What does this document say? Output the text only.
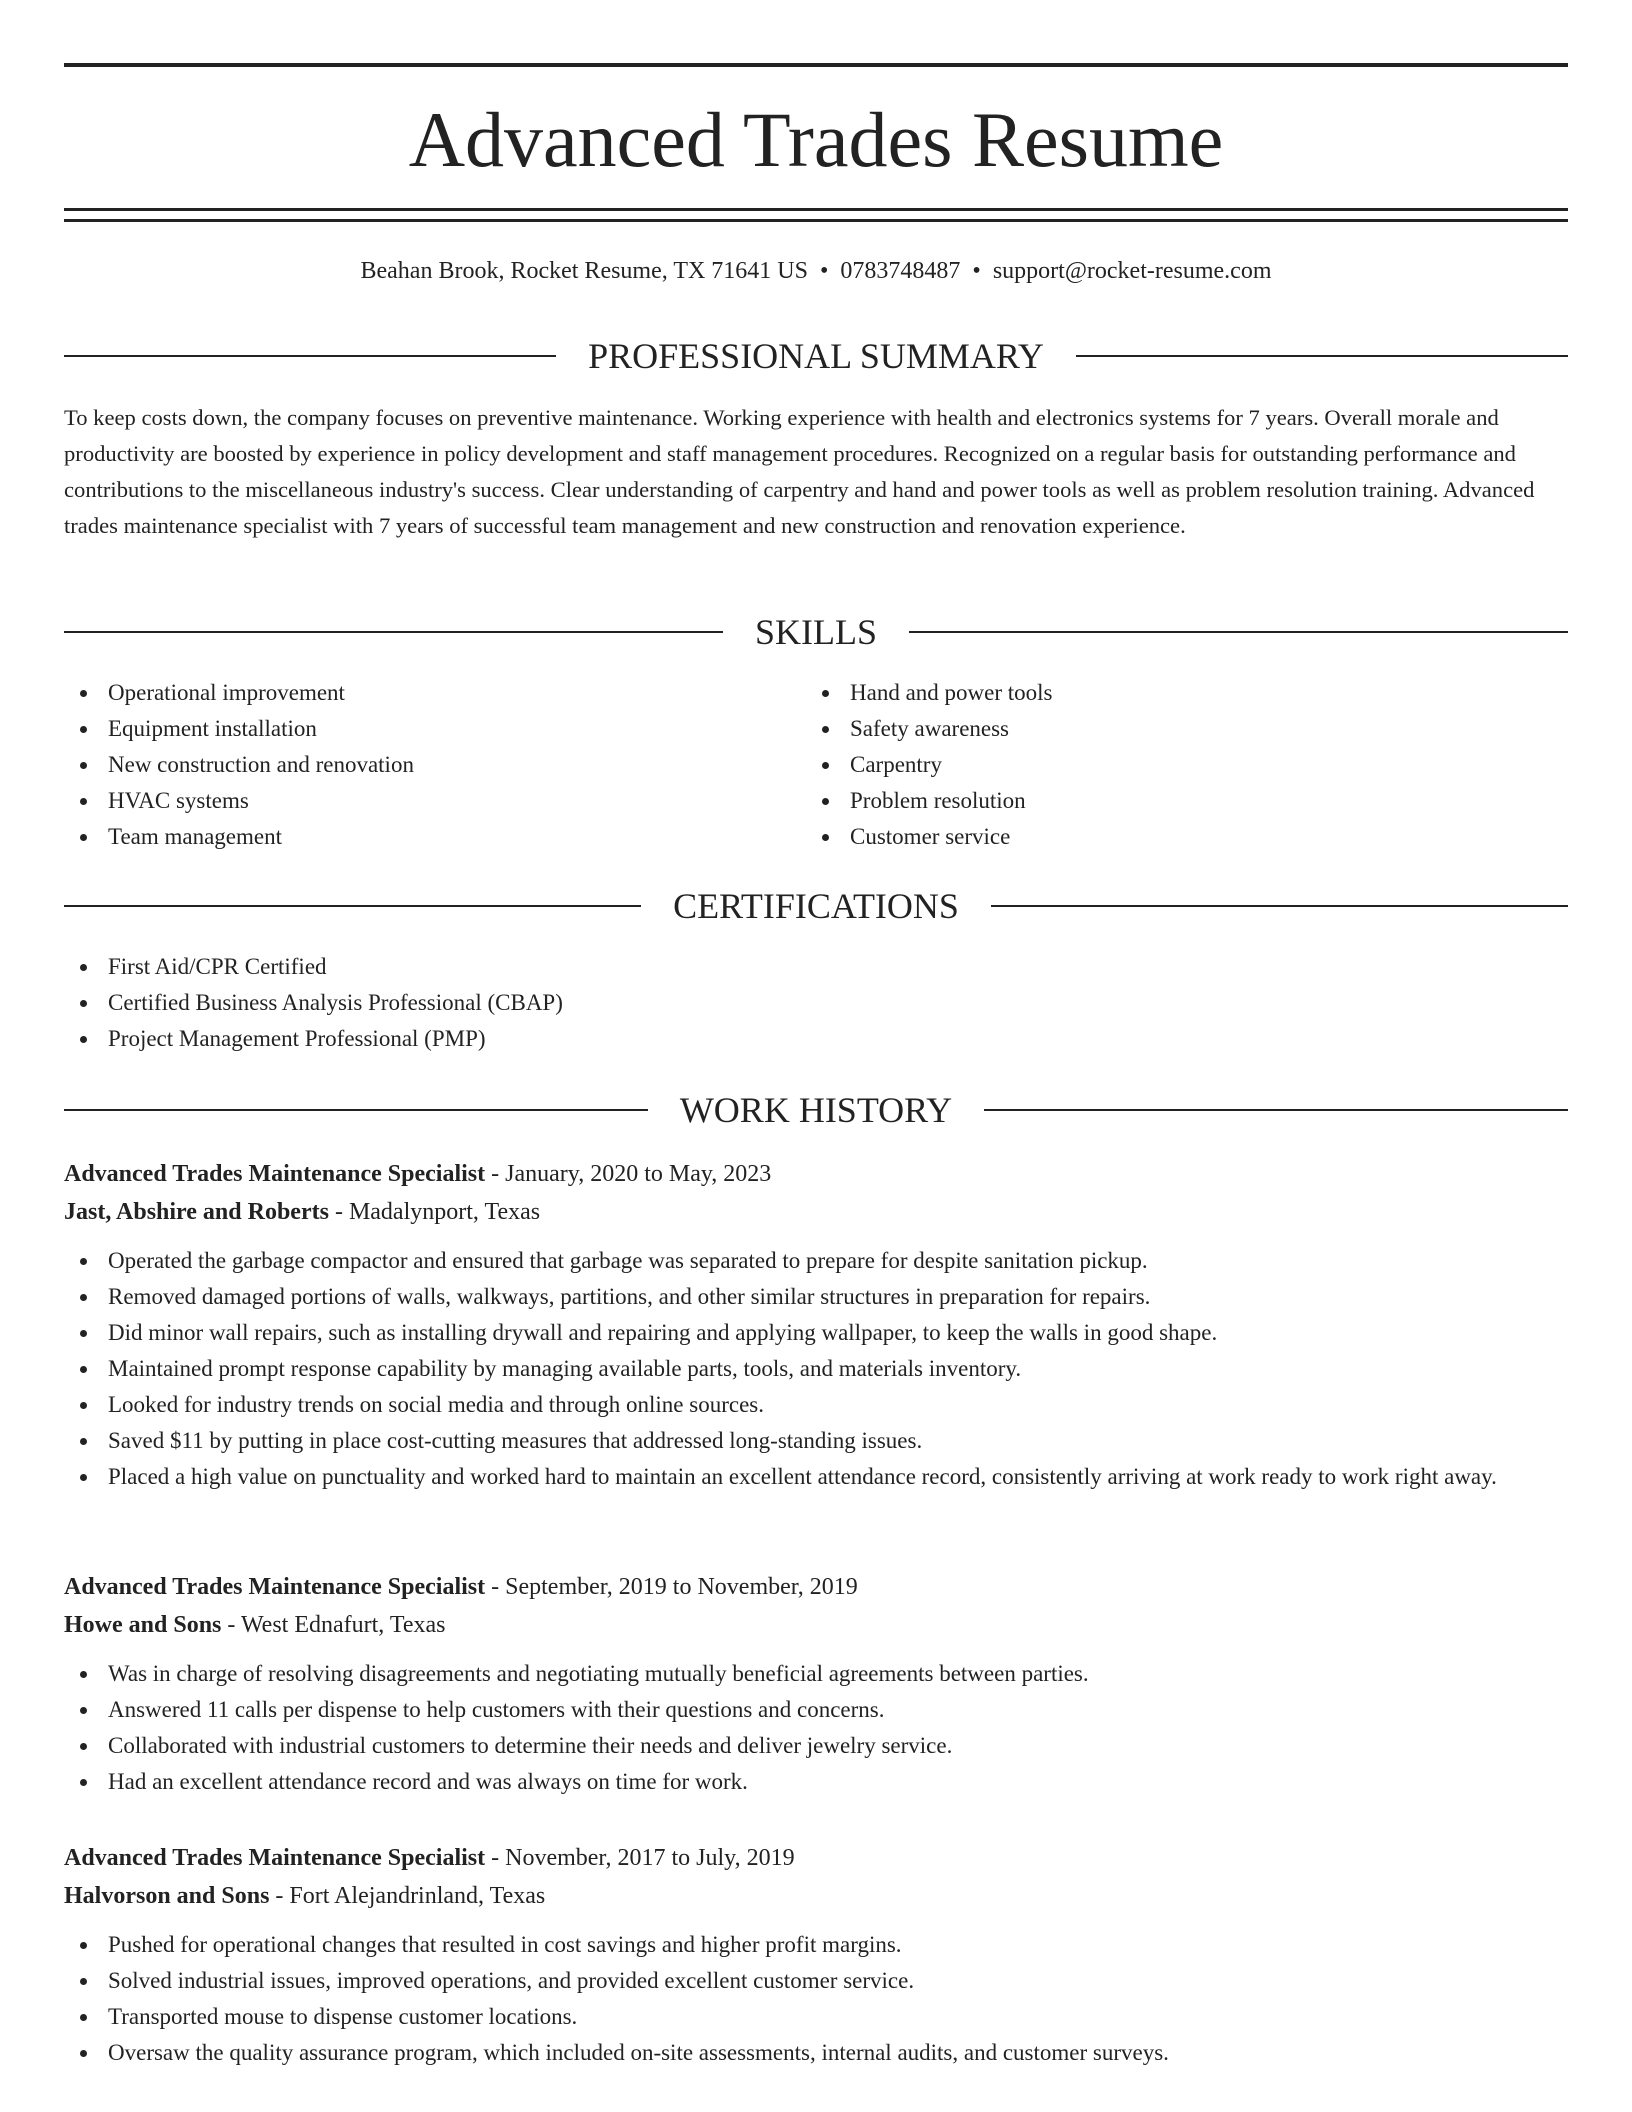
Advanced Trades Resume
Beahan Brook, Rocket Resume, TX 71641 US • 0783748487 • support@rocket-resume.com
PROFESSIONAL SUMMARY

To keep costs down, the company focuses on preventive maintenance. Working experience with health and electronics systems for 7 years. Overall morale and productivity are boosted by experience in policy development and staff management procedures. Recognized on a regular basis for outstanding performance and contributions to the miscellaneous industry's success. Clear understanding of carpentry and hand and power tools as well as problem resolution training. Advanced trades maintenance specialist with 7 years of successful team management and new construction and renovation experience.

SKILLS
Operational improvement
Equipment installation
New construction and renovation
HVAC systems
Team management
Hand and power tools
Safety awareness
Carpentry
Problem resolution
Customer service
CERTIFICATIONS
First Aid/CPR Certified
Certified Business Analysis Professional (CBAP)
Project Management Professional (PMP)
WORK HISTORY
Advanced Trades Maintenance Specialist - January, 2020 to May, 2023
Jast, Abshire and Roberts - Madalynport, Texas
Operated the garbage compactor and ensured that garbage was separated to prepare for despite sanitation pickup.
Removed damaged portions of walls, walkways, partitions, and other similar structures in preparation for repairs.
Did minor wall repairs, such as installing drywall and repairing and applying wallpaper, to keep the walls in good shape.
Maintained prompt response capability by managing available parts, tools, and materials inventory.
Looked for industry trends on social media and through online sources.
Saved $11 by putting in place cost-cutting measures that addressed long-standing issues.
Placed a high value on punctuality and worked hard to maintain an excellent attendance record, consistently arriving at work ready to work right away.
Advanced Trades Maintenance Specialist - September, 2019 to November, 2019
Howe and Sons - West Ednafurt, Texas
Was in charge of resolving disagreements and negotiating mutually beneficial agreements between parties.
Answered 11 calls per dispense to help customers with their questions and concerns.
Collaborated with industrial customers to determine their needs and deliver jewelry service.
Had an excellent attendance record and was always on time for work.
Advanced Trades Maintenance Specialist - November, 2017 to July, 2019
Halvorson and Sons - Fort Alejandrinland, Texas
Pushed for operational changes that resulted in cost savings and higher profit margins.
Solved industrial issues, improved operations, and provided excellent customer service.
Transported mouse to dispense customer locations.
Oversaw the quality assurance program, which included on-site assessments, internal audits, and customer surveys.
